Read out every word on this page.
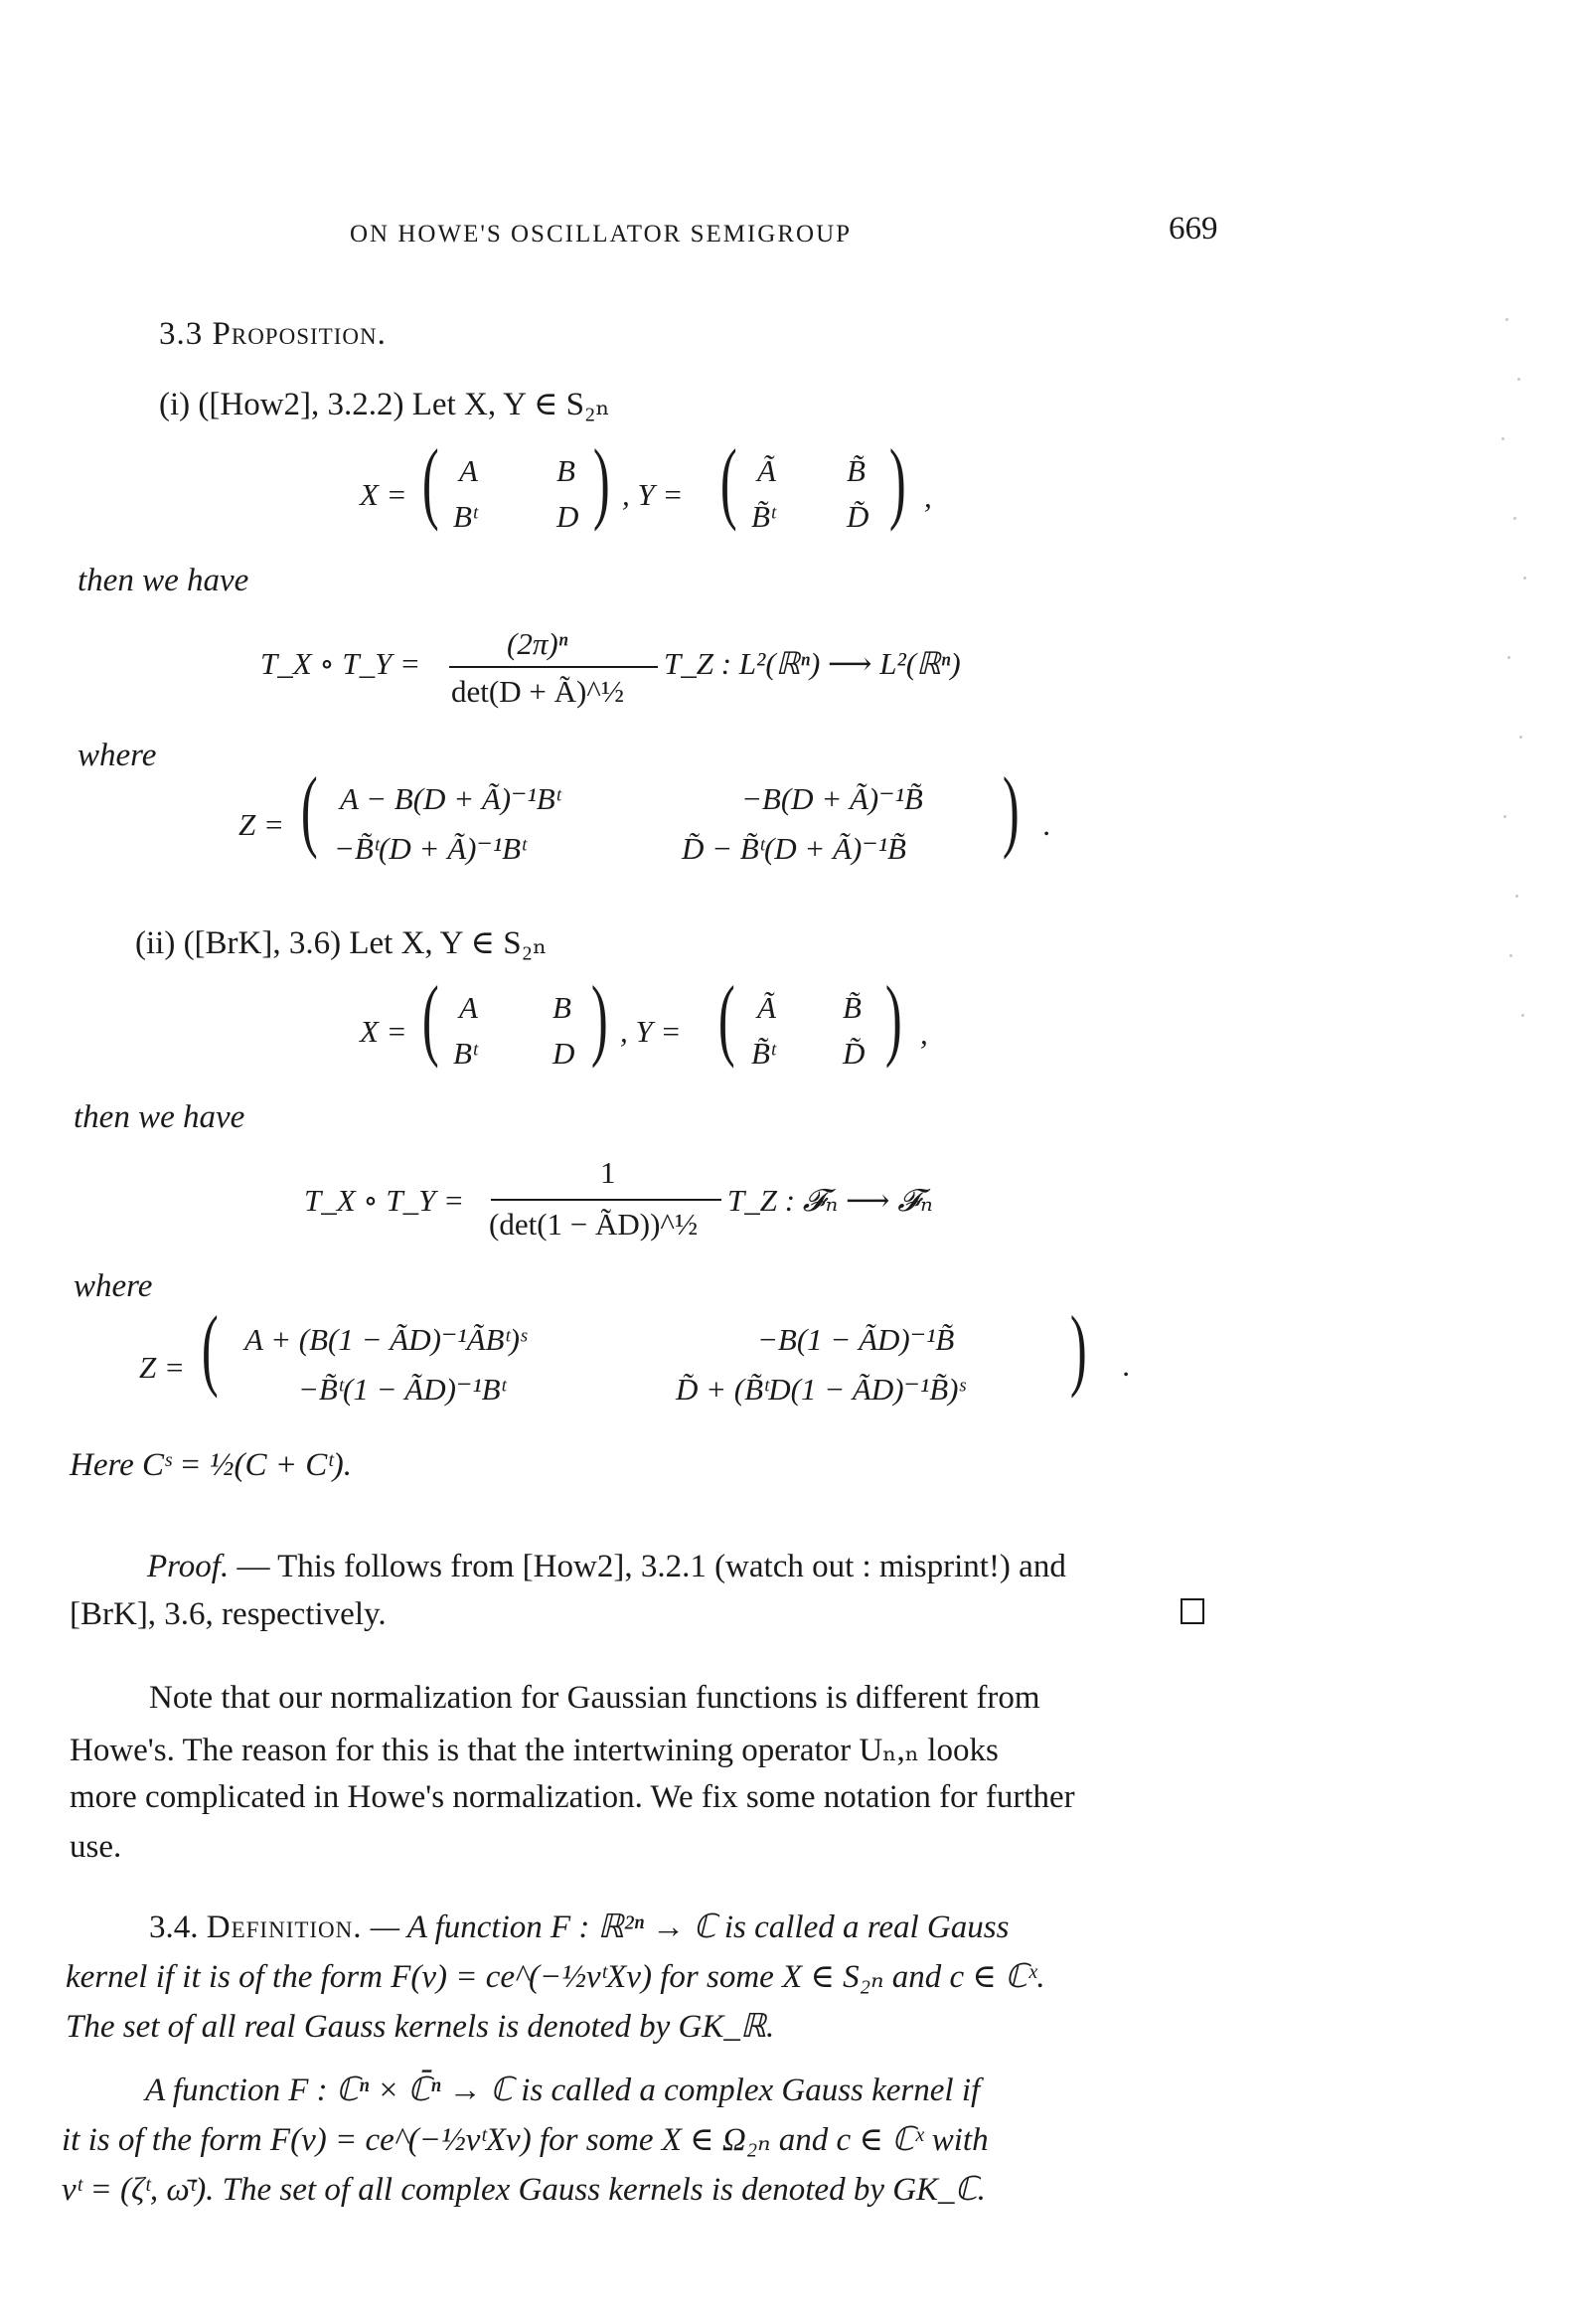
ON HOWE'S OSCILLATOR SEMIGROUP	669
3.3 Proposition.
(i) ([How2], 3.2.2) Let X, Y ∈ S₂ₙ
X = ( A	B
Bᵗ	D ) , Y = ( Ã B̃
B̃ᵗ D̃ ) ,
then we have
T_X ∘ T_Y =
(2π)ⁿ
det(D + Ã)^½
T_Z : L²(ℝⁿ) ⟶ L²(ℝⁿ)
where
Z = ( A − B(D + Ã)⁻¹Bᵗ	−B(D + Ã)⁻¹B̃
−B̃ᵗ(D + Ã)⁻¹Bᵗ	D̃ − B̃ᵗ(D + Ã)⁻¹B̃ ) .
(ii) ([BrK], 3.6) Let X, Y ∈ S₂ₙ
X = ( A B
Bᵗ D ) , Y = ( Ã B̃
B̃ᵗ D̃ ) ,
then we have
T_X ∘ T_Y =
1
(det(1 − ÃD))^½
T_Z : 𝓕ₙ ⟶ 𝓕ₙ
where
Z = ( A + (B(1 − ÃD)⁻¹ÃBᵗ)ˢ	−B(1 − ÃD)⁻¹B̃
−B̃ᵗ(1 − ÃD)⁻¹Bᵗ	D̃ + (B̃ᵗD(1 − ÃD)⁻¹B̃)ˢ ) .
Here Cˢ = ½(C + Cᵗ).
Proof. — This follows from [How2], 3.2.1 (watch out : misprint!) and
[BrK], 3.6, respectively.
Note that our normalization for Gaussian functions is different from
Howe's. The reason for this is that the intertwining operator Uₙ,ₙ looks
more complicated in Howe's normalization. We fix some notation for further
use.
3.4. Definition. — A function F : ℝ²ⁿ → ℂ is called a real Gauss
kernel if it is of the form F(v) = ce^(−½vᵗXv) for some X ∈ S₂ₙ and c ∈ ℂˣ.
The set of all real Gauss kernels is denoted by GK_ℝ.
A function F : ℂⁿ × ℂ̄ⁿ → ℂ is called a complex Gauss kernel if
it is of the form F(v) = ce^(−½vᵗXv) for some X ∈ Ω₂ₙ and c ∈ ℂˣ with
vᵗ = (ζᵗ, ω̄ᵗ). The set of all complex Gauss kernels is denoted by GK_ℂ.
